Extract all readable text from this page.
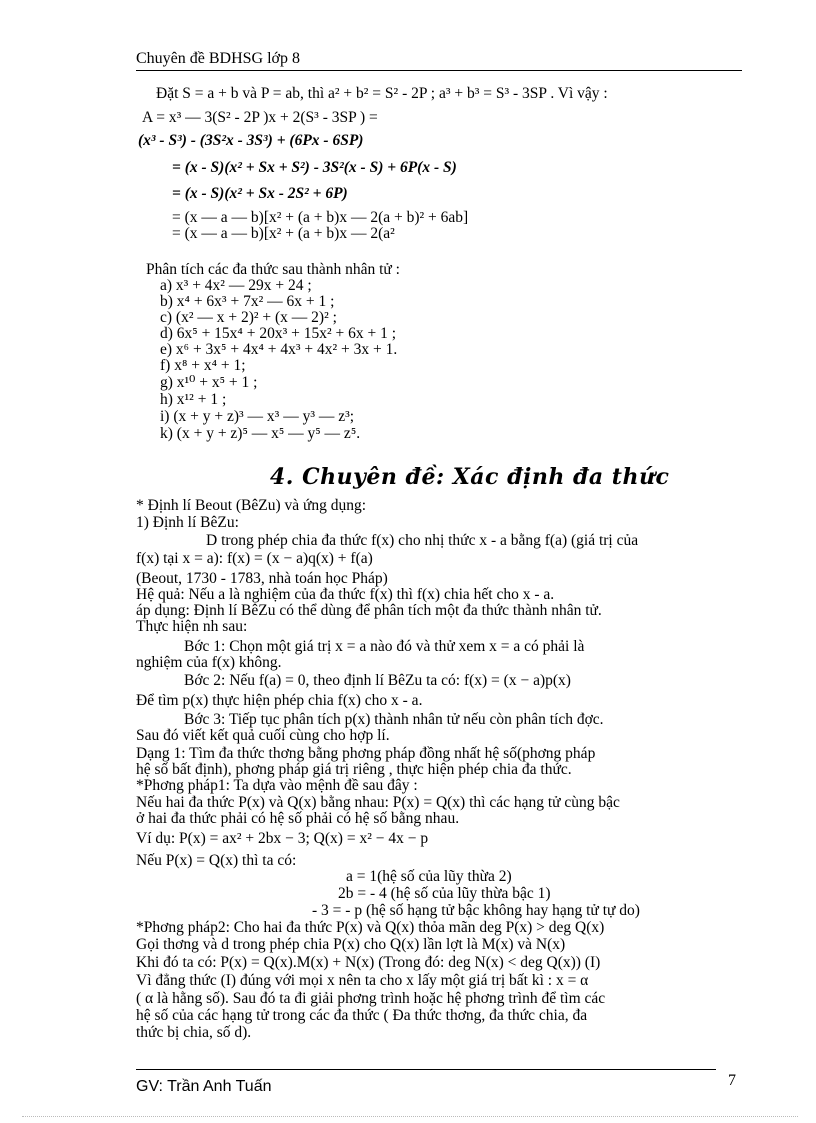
Chuyên đề BDHSG lớp 8
Đặt S = a + b và P = ab, thì a² + b² = S² - 2P ; a³ + b³ = S³ - 3SP . Vì vậy :
A = x³ — 3(S² - 2P )x + 2(S³ - 3SP ) =
(x³ - S³) - (3S²x - 3S³) + (6Px - 6SP)
= (x - S)(x² + Sx + S²) - 3S²(x - S) + 6P(x - S)
= (x - S)(x² + Sx - 2S² + 6P)
= (x — a — b)[x² + (a + b)x — 2(a + b)² + 6ab]
= (x — a — b)[x² + (a + b)x — 2(a²
Phân tích các đa thức sau thành nhân tử :
a) x³ + 4x² — 29x + 24 ;
b) x⁴ + 6x³ + 7x² — 6x + 1 ;
c) (x² — x + 2)² + (x — 2)² ;
d) 6x⁵ + 15x⁴ + 20x³ + 15x² + 6x + 1 ;
e) x⁶ + 3x⁵ + 4x⁴ + 4x³ + 4x² + 3x + 1.
f) x⁸ + x⁴ + 1;
g) x¹⁰ + x⁵ + 1 ;
h) x¹² + 1 ;
i) (x + y + z)³ — x³ — y³ — z³;
k) (x + y + z)⁵ — x⁵ — y⁵ — z⁵.
4. Chuyên đề: Xác định đa thức
* Định lí Beout (BêZu) và ứng dụng:
1) Định lí BêZu:
D trong phép chia đa thức f(x) cho nhị thức x - a bằng f(a) (giá trị của
f(x) tại x = a): f(x) = (x − a)q(x) + f(a)
(Beout, 1730 - 1783, nhà toán học Pháp)
Hệ quả: Nếu a là nghiệm của đa thức f(x) thì f(x) chia hết cho x - a.
áp dụng: Định lí BêZu có thể dùng để phân tích một đa thức thành nhân tử.
Thực hiện nh sau:
Bớc 1: Chọn một giá trị x = a nào đó và thử xem x = a có phải là
nghiệm của f(x) không.
Bớc 2: Nếu f(a) = 0, theo định lí BêZu ta có: f(x) = (x − a)p(x)
Để tìm p(x) thực hiện phép chia f(x) cho x - a.
Bớc 3: Tiếp tục phân tích p(x) thành nhân tử nếu còn phân tích đợc.
Sau đó viết kết quả cuối cùng cho hợp lí.
Dạng 1: Tìm đa thức thơng bằng phơng pháp đồng nhất hệ số(phơng pháp
hệ số bất định), phơng pháp giá trị riêng , thực hiện phép chia đa thức.
*Phơng pháp1: Ta dựa vào mệnh đề sau đây :
Nếu hai đa thức P(x) và Q(x) bằng nhau: P(x) = Q(x) thì các hạng tử cùng bậc
ở hai đa thức phải có hệ số phải có hệ số bằng nhau.
Ví dụ: P(x) = ax² + 2bx − 3; Q(x) = x² − 4x − p
Nếu P(x) = Q(x) thì ta có:
a = 1(hệ số của lũy thừa 2)
2b = - 4 (hệ số của lũy thừa bậc 1)
- 3 = - p (hệ số hạng tử bậc không hay hạng tử tự do)
*Phơng pháp2: Cho hai đa thức P(x) và Q(x) thỏa mãn deg P(x) > deg Q(x)
Gọi thơng và d trong phép chia P(x) cho Q(x) lần lợt là M(x) và N(x)
Khi đó ta có: P(x) = Q(x).M(x) + N(x) (Trong đó: deg N(x) < deg Q(x)) (I)
Vì đẳng thức (I) đúng với mọi x nên ta cho x lấy một giá trị bất kì : x = α
( α là hằng số). Sau đó ta đi giải phơng trình hoặc hệ phơng trình để tìm các
hệ số của các hạng tử trong các đa thức ( Đa thức thơng, đa thức chia, đa
thức bị chia, số d).
GV: Trần Anh Tuấn	7
